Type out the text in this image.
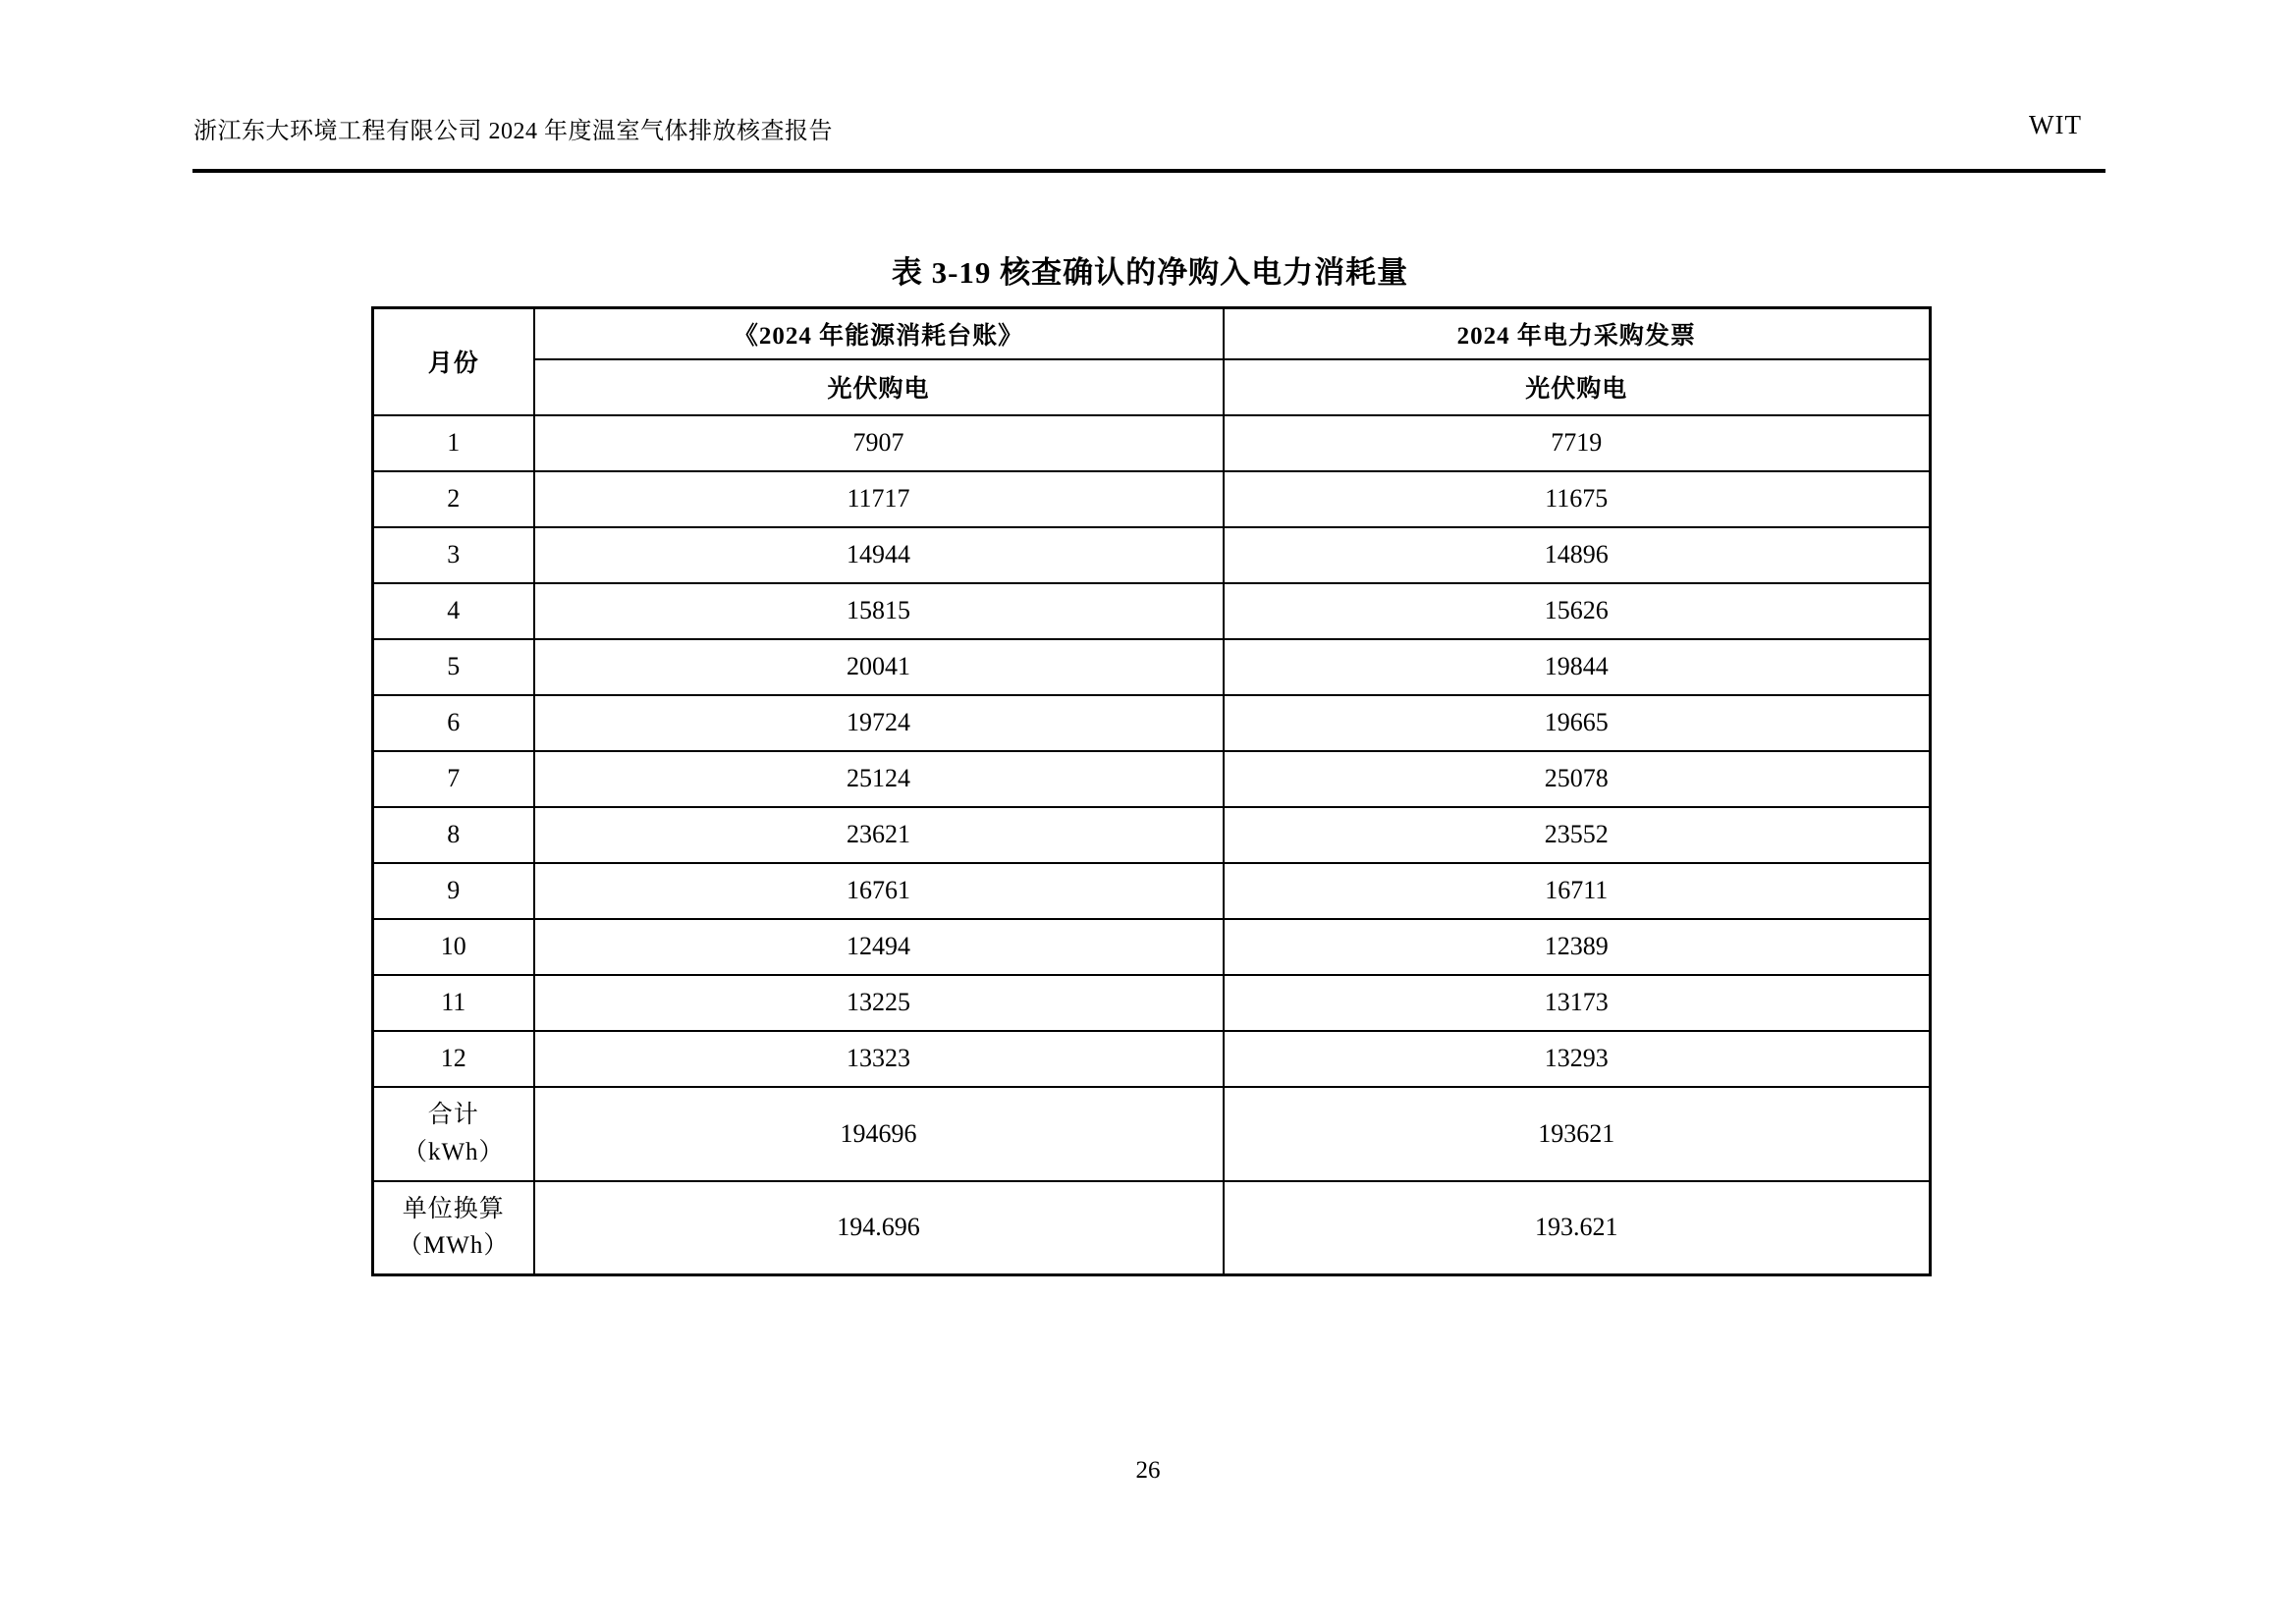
浙江东大环境工程有限公司 2024 年度温室气体排放核查报告	WIT
表 3-19 核查确认的净购入电力消耗量
月份	《2024 年能源消耗台账》	2024 年电力采购发票
	光伏购电	光伏购电
1	7907	7719
2	11717	11675
3	14944	14896
4	15815	15626
5	20041	19844
6	19724	19665
7	25124	25078
8	23621	23552
9	16761	16711
10	12494	12389
11	13225	13173
12	13323	13293

合计
（kWh）	194696	193621

单位换算
（MWh）	194.696	193.621
26
